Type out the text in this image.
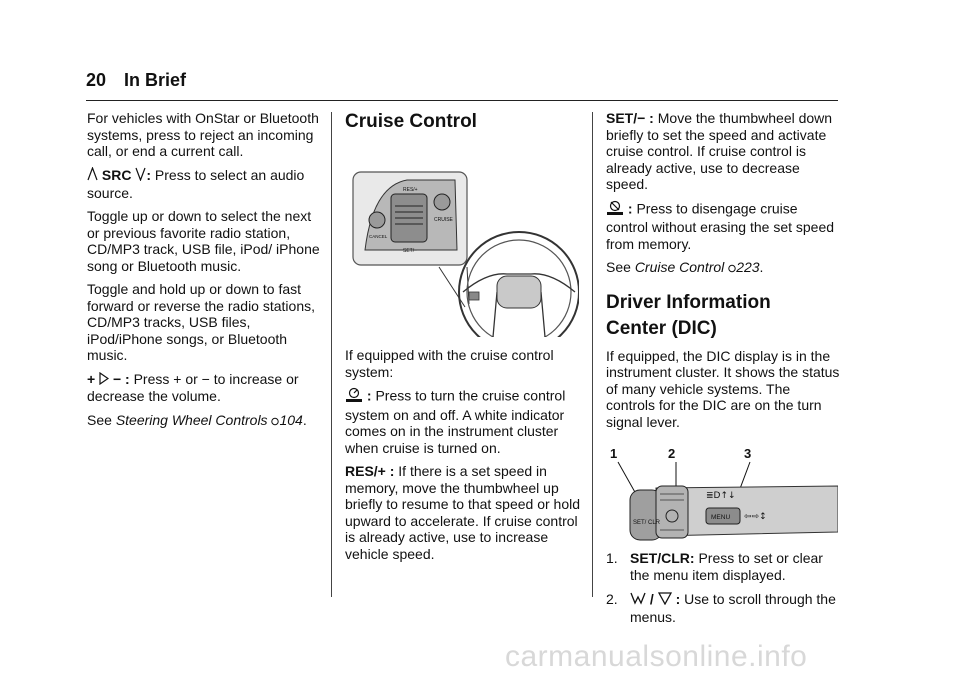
20 In Brief

For vehicles with OnStar or Bluetooth systems, press to reject an incoming call, or end a current call.

SRC : Press to select an audio source.

Toggle up or down to select the next or previous favorite radio station, CD/MP3 track, USB file, iPod/ iPhone song or Bluetooth music.

Toggle and hold up or down to fast forward or reverse the radio stations, CD/MP3 tracks, USB files, iPod/iPhone songs, or Bluetooth music.

+ − : Press + or − to increase or decrease the volume.

See Steering Wheel Controls 104.

Cruise Control
RES/+
SET/−
CRUISE
CANCEL

If equipped with the cruise control system:

: Press to turn the cruise control system on and off. A white indicator comes on in the instrument cluster when cruise is turned on.

RES/+ : If there is a set speed in memory, move the thumbwheel up briefly to resume to that speed or hold upward to accelerate. If cruise control is already active, use to increase vehicle speed.

SET/− : Move the thumbwheel down briefly to set the speed and activate cruise control. If cruise control is already active, use to decrease speed.

: Press to disengage cruise control without erasing the set speed from memory.

See Cruise Control 223.

Driver Information
Center (DIC)

If equipped, the DIC display is in the instrument cluster. It shows the status of many vehicle systems. The controls for the DIC are on the turn signal lever.

1	2	3
SET/ CLR
MENU ⇦⇨↕
≣D↑↓
1. SET/CLR: Press to set or clear the menu item displayed.
2.	/ : Use to scroll through the menus.
carmanualsonline.info
